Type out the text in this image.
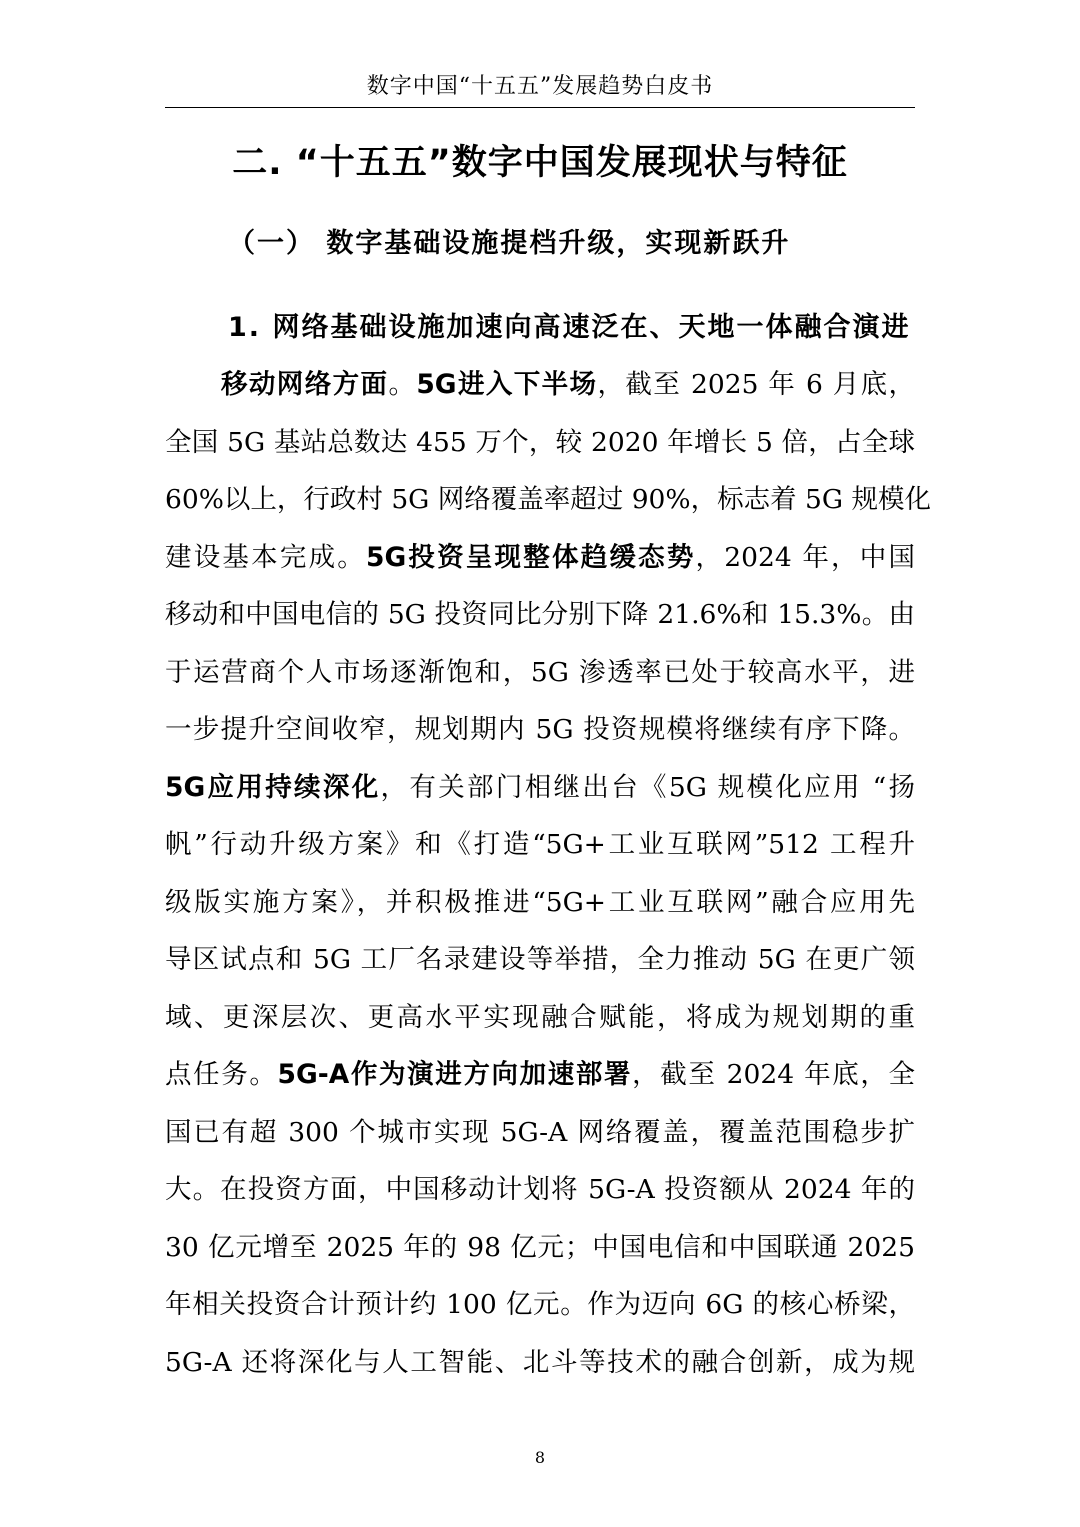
数字中国“十五五”发展趋势白皮书
二. “十五五”数字中国发展现状与特征
（一） 数字基础设施提档升级，实现新跃升
1. 网络基础设施加速向高速泛在、天地一体融合演进
移动网络方面。5G进入下半场，截至 2025 年 6 月底，
全国 5G 基站总数达 455 万个，较 2020 年增长 5 倍，占全球
60%以上，行政村 5G 网络覆盖率超过 90%，标志着 5G 规模化
建设基本完成。5G投资呈现整体趋缓态势，2024 年，中国
移动和中国电信的 5G 投资同比分别下降 21.6%和 15.3%。由
于运营商个人市场逐渐饱和，5G 渗透率已处于较高水平，进
一步提升空间收窄，规划期内 5G 投资规模将继续有序下降。
5G应用持续深化，有关部门相继出台《5G 规模化应用 “扬
帆”行动升级方案》和《打造“5G+工业互联网”512 工程升
级版实施方案》，并积极推进“5G+工业互联网”融合应用先
导区试点和 5G 工厂名录建设等举措，全力推动 5G 在更广领
域、更深层次、更高水平实现融合赋能，将成为规划期的重
点任务。5G-A作为演进方向加速部署，截至 2024 年底，全
国已有超 300 个城市实现 5G-A 网络覆盖，覆盖范围稳步扩
大。在投资方面，中国移动计划将 5G-A 投资额从 2024 年的
30 亿元增至 2025 年的 98 亿元；中国电信和中国联通 2025
年相关投资合计预计约 100 亿元。作为迈向 6G 的核心桥梁，
5G-A 还将深化与人工智能、北斗等技术的融合创新，成为规
8
